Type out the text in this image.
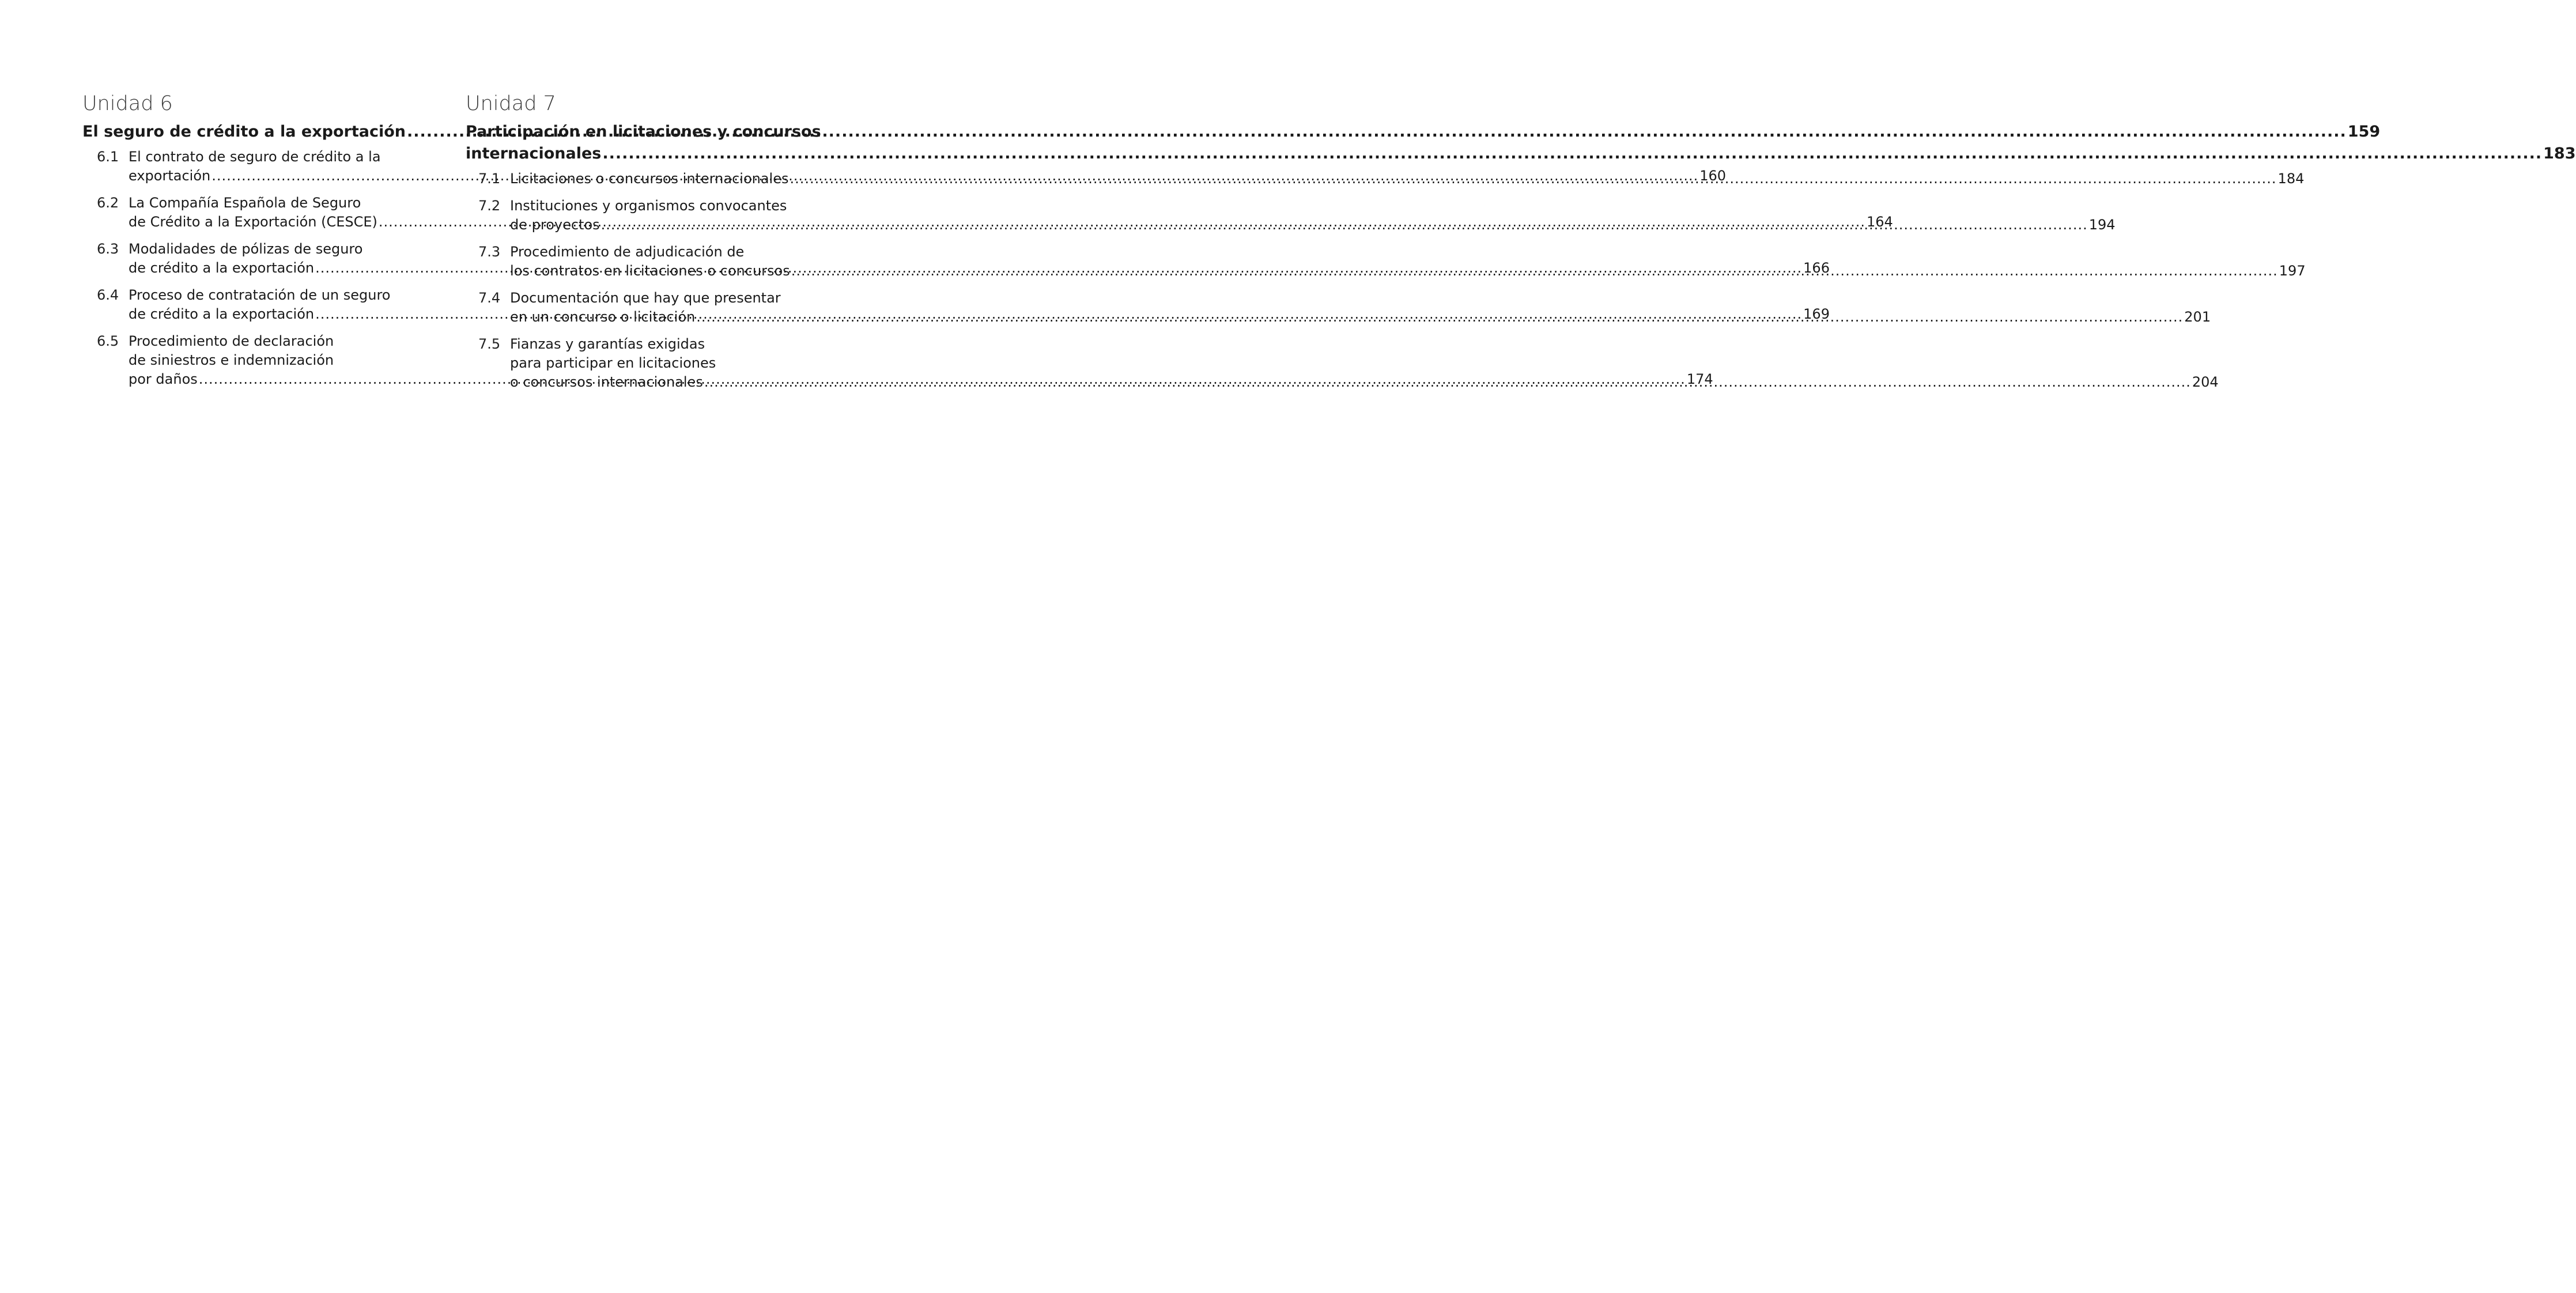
Unidad 6
El seguro de crédito a la exportación .....	159
6.1 El contrato de seguro de crédito a la
exportación .....	160
6.2 La Compañía Española de Seguro
de Crédito a la Exportación (CESCE) .....	164
6.3 Modalidades de pólizas de seguro
de crédito a la exportación .....	166
6.4 Proceso de contratación de un seguro
de crédito a la exportación .....	169
6.5 Procedimiento de declaración
de siniestros e indemnización
por daños .....	174
Unidad 7
Participación en licitaciones y concursos
internacionales .....	183
7.1 Licitaciones o concursos internacionales .....	184
7.2 Instituciones y organismos convocantes
de proyectos .....	194
7.3 Procedimiento de adjudicación de
los contratos en licitaciones o concursos .....	197
7.4 Documentación que hay que presentar
en un concurso o licitación .....	201
7.5 Fianzas y garantías exigidas
para participar en licitaciones
o concursos internacionales .....	204
